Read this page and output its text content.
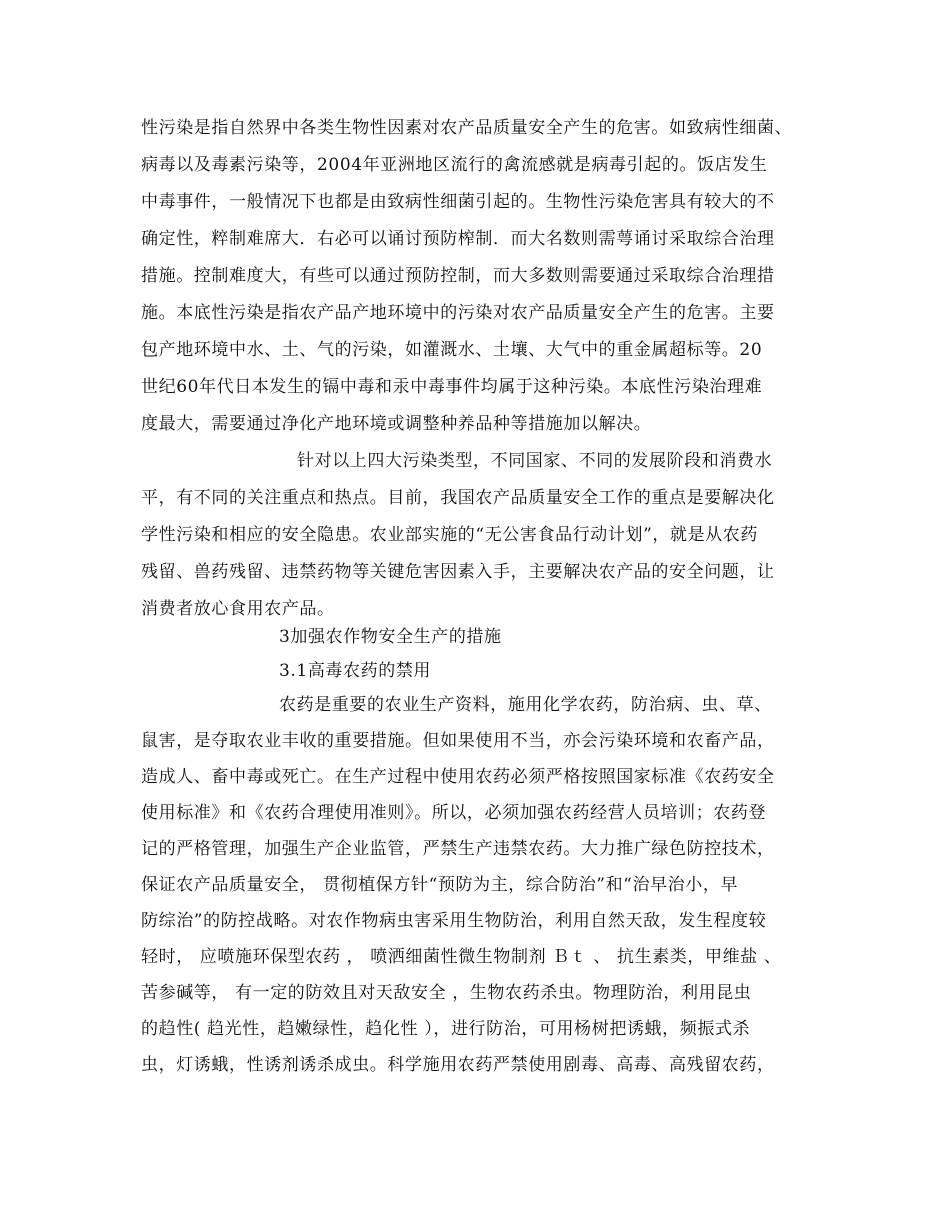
性污染是指自然界中各类生物性因素对农产品质量安全产生的危害。如致病性细菌、
病毒以及毒素污染等，2004年亚洲地区流行的禽流感就是病毒引起的。饭店发生
中毒事件，一般情况下也都是由致病性细菌引起的。生物性污染危害具有较大的不
确定性，粹制难席大．右必可以诵讨预防榨制．而大名数则需萼诵讨采取综合治理
措施。控制难度大，有些可以通过预防控制，而大多数则需要通过采取综合治理措
施。本底性污染是指农产品产地环境中的污染对农产品质量安全产生的危害。主要
包产地环境中水、土、气的污染，如灌溉水、土壤、大气中的重金属超标等。20
世纪60年代日本发生的镉中毒和汞中毒事件均属于这种污染。本底性污染治理难
度最大，需要通过净化产地环境或调整种养品种等措施加以解决。
针对以上四大污染类型，不同国家、不同的发展阶段和消费水
平，有不同的关注重点和热点。目前，我国农产品质量安全工作的重点是要解决化
学性污染和相应的安全隐患。农业部实施的“无公害食品行动计划”，就是从农药
残留、兽药残留、违禁药物等关键危害因素入手，主要解决农产品的安全问题，让
消费者放心食用农产品。
3加强农作物安全生产的措施
3.1高毒农药的禁用
农药是重要的农业生产资料，施用化学农药，防治病、虫、草、
鼠害，是夺取农业丰收的重要措施。但如果使用不当，亦会污染环境和农畜产品，
造成人、畜中毒或死亡。在生产过程中使用农药必须严格按照国家标准《农药安全
使用标准》和《农药合理使用准则》。所以，必须加强农药经营人员培训；农药登
记的严格管理，加强生产企业监管，严禁生产违禁农药。大力推广绿色防控技术，
保证农产品质量安全， 贯彻植保方针“预防为主，综合防治”和“治早治小，早
防综治”的防控战略。对农作物病虫害采用生物防治，利用自然天敌，发生程度较
轻时， 应喷施环保型农药 ， 喷洒细菌性微生物制剂 Ｂｔ 、 抗生素类，甲维盐 、
苦参碱等， 有一定的防效且对天敌安全 ，生物农药杀虫。物理防治，利用昆虫
的趋性( 趋光性，趋嫩绿性，趋化性 ），进行防治，可用杨树把诱蛾，频振式杀
虫，灯诱蛾，性诱剂诱杀成虫。科学施用农药严禁使用剧毒、高毒、高残留农药，
